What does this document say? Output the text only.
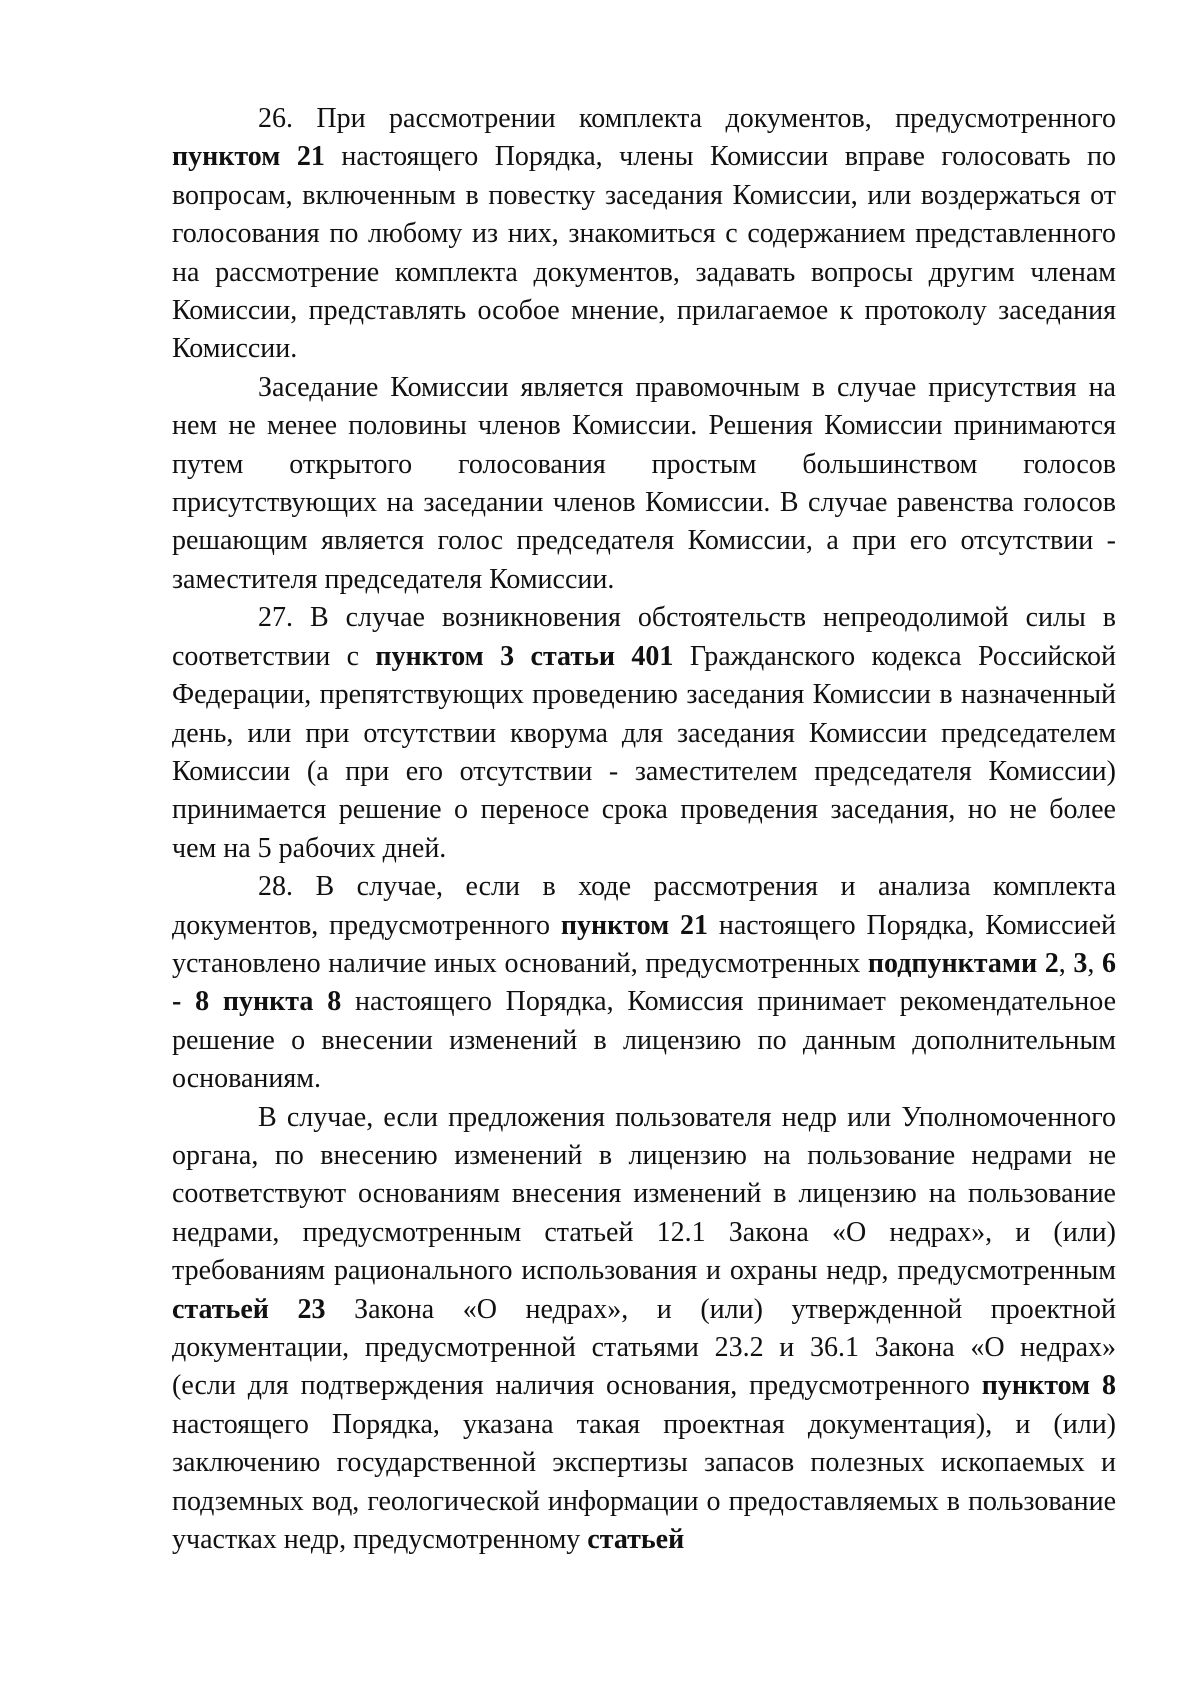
26. При рассмотрении комплекта документов, предусмотренного пунктом 21 настоящего Порядка, члены Комиссии вправе голосовать по вопросам, включенным в повестку заседания Комиссии, или воздержаться от голосования по любому из них, знакомиться с содержанием представленного на рассмотрение комплекта документов, задавать вопросы другим членам Комиссии, представлять особое мнение, прилагаемое к протоколу заседания Комиссии.

Заседание Комиссии является правомочным в случае присутствия на нем не менее половины членов Комиссии. Решения Комиссии принимаются путем открытого голосования простым большинством голосов присутствующих на заседании членов Комиссии. В случае равенства голосов решающим является голос председателя Комиссии, а при его отсутствии - заместителя председателя Комиссии.

27. В случае возникновения обстоятельств непреодолимой силы в соответствии с пунктом 3 статьи 401 Гражданского кодекса Российской Федерации, препятствующих проведению заседания Комиссии в назначенный день, или при отсутствии кворума для заседания Комиссии председателем Комиссии (а при его отсутствии - заместителем председателя Комиссии) принимается решение о переносе срока проведения заседания, но не более чем на 5 рабочих дней.

28. В случае, если в ходе рассмотрения и анализа комплекта документов, предусмотренного пунктом 21 настоящего Порядка, Комиссией установлено наличие иных оснований, предусмотренных подпунктами 2, 3, 6 - 8 пункта 8 настоящего Порядка, Комиссия принимает рекомендательное решение о внесении изменений в лицензию по данным дополнительным основаниям.

В случае, если предложения пользователя недр или Уполномоченного органа, по внесению изменений в лицензию на пользование недрами не соответствуют основаниям внесения изменений в лицензию на пользование недрами, предусмотренным статьей 12.1 Закона «О недрах», и (или) требованиям рационального использования и охраны недр, предусмотренным статьей 23 Закона «О недрах», и (или) утвержденной проектной документации, предусмотренной статьями 23.2 и 36.1 Закона «О недрах» (если для подтверждения наличия основания, предусмотренного пунктом 8 настоящего Порядка, указана такая проектная документация), и (или) заключению государственной экспертизы запасов полезных ископаемых и подземных вод, геологической информации о предоставляемых в пользование участках недр, предусмотренному статьей
